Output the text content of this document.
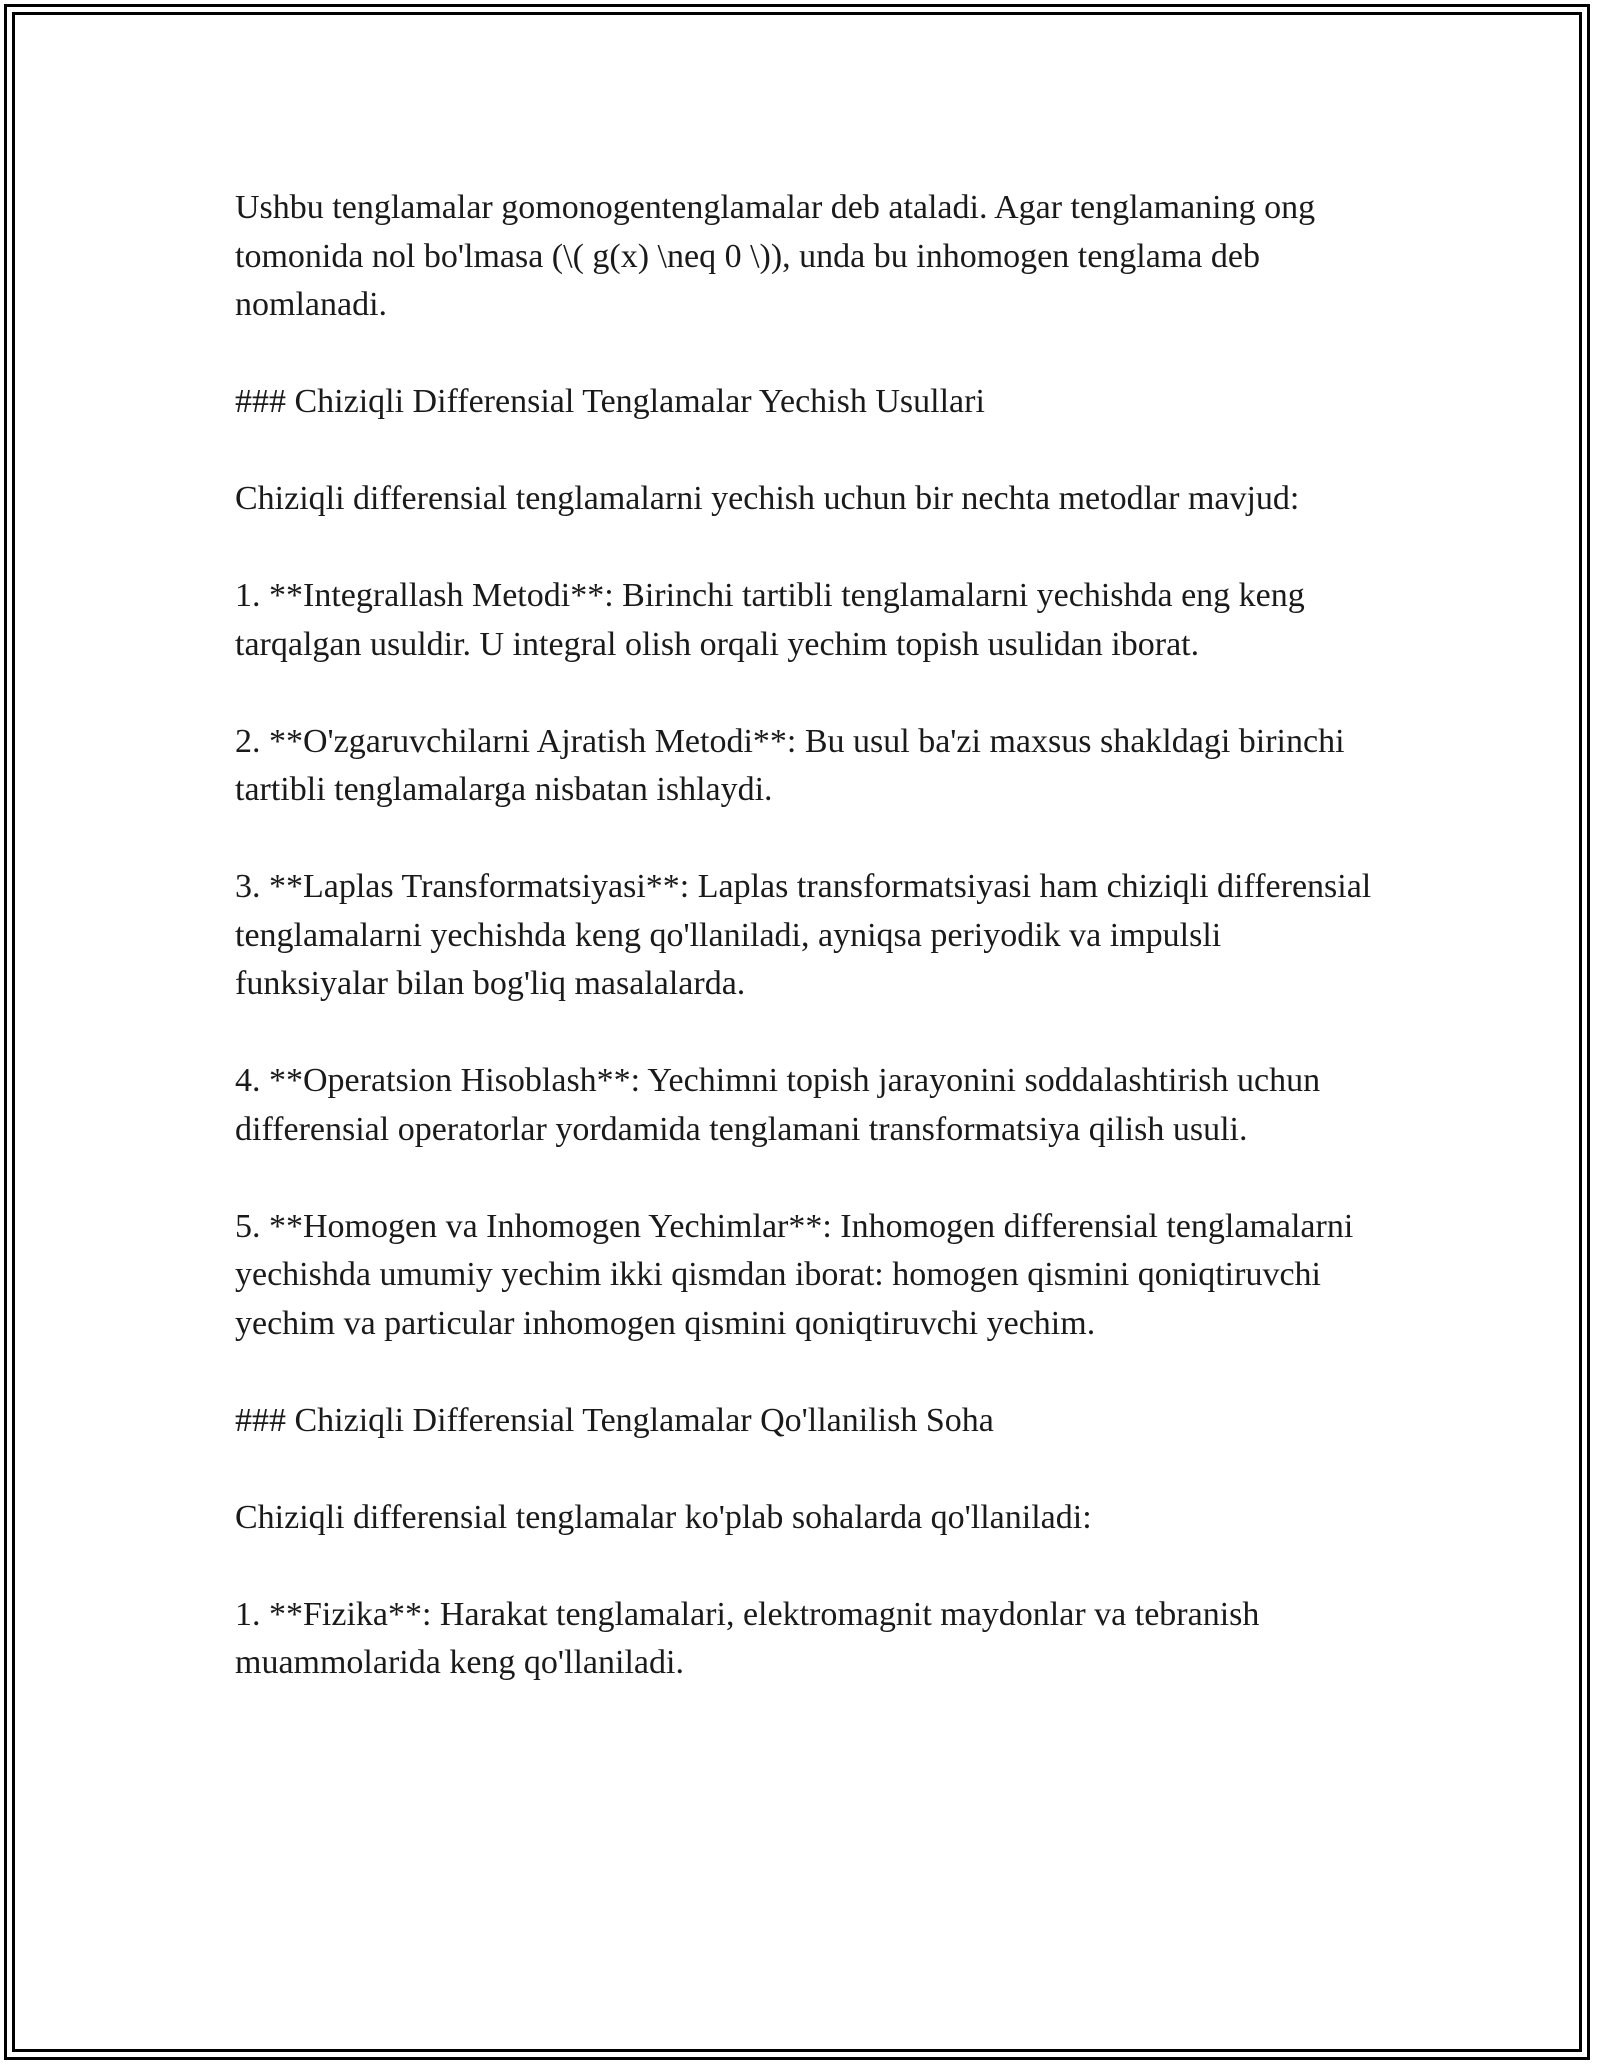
Ushbu tenglamalar gomonogentenglamalar deb ataladi. Agar tenglamaning ong tomonida nol bo'lmasa (\( g(x) \neq 0 \)), unda bu inhomogen tenglama deb nomlanadi.

### Chiziqli Differensial Tenglamalar Yechish Usullari

Chiziqli differensial tenglamalarni yechish uchun bir nechta metodlar mavjud:

1. **Integrallash Metodi**: Birinchi tartibli tenglamalarni yechishda eng keng tarqalgan usuldir. U integral olish orqali yechim topish usulidan iborat.

2. **O'zgaruvchilarni Ajratish Metodi**: Bu usul ba'zi maxsus shakldagi birinchi tartibli tenglamalarga nisbatan ishlaydi.

3. **Laplas Transformatsiyasi**: Laplas transformatsiyasi ham chiziqli differensial tenglamalarni yechishda keng qo'llaniladi, ayniqsa periyodik va impulsli funksiyalar bilan bog'liq masalalarda.

4. **Operatsion Hisoblash**: Yechimni topish jarayonini soddalashtirish uchun differensial operatorlar yordamida tenglamani transformatsiya qilish usuli.

5. **Homogen va Inhomogen Yechimlar**: Inhomogen differensial tenglamalarni yechishda umumiy yechim ikki qismdan iborat: homogen qismini qoniqtiruvchi yechim va particular inhomogen qismini qoniqtiruvchi yechim.

### Chiziqli Differensial Tenglamalar Qo'llanilish Soha

Chiziqli differensial tenglamalar ko'plab sohalarda qo'llaniladi:

1. **Fizika**: Harakat tenglamalari, elektromagnit maydonlar va tebranish muammolarida keng qo'llaniladi.
